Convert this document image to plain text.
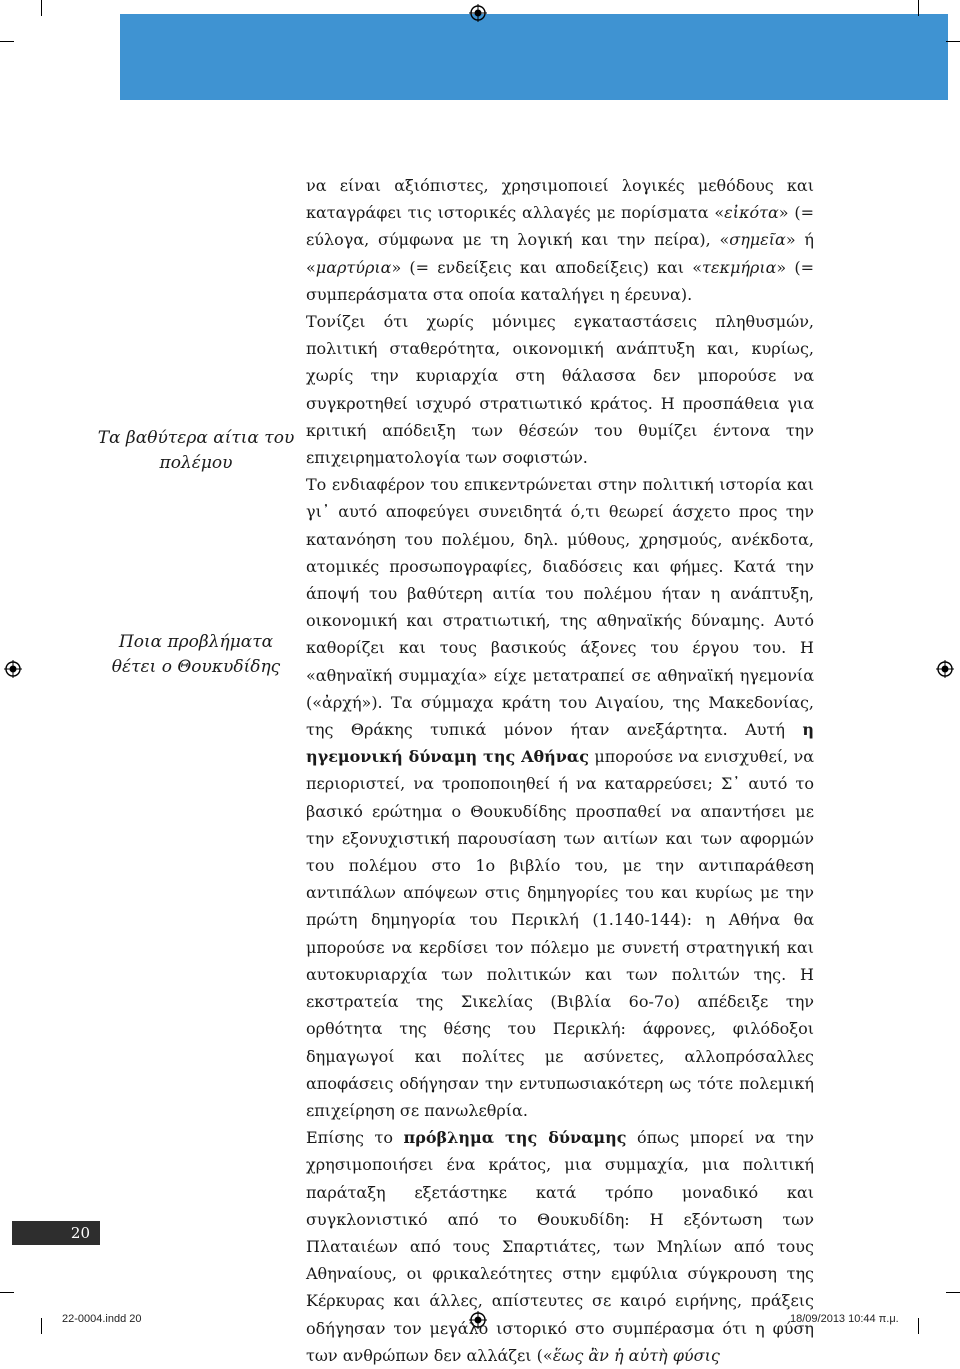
Τα βαθύτερα αίτια του πολέμου
Ποια προβλήματα θέτει ο Θουκυδίδης

να είναι αξιόπιστες, χρησιμοποιεί λογικές μεθόδους και καταγράφει τις ιστορικές αλλαγές με πορίσματα «εἰκότα» (= εύλογα, σύμφωνα με τη λογική και την πείρα), «σημεῖα» ή «μαρτύρια» (= ενδείξεις και αποδείξεις) και «τεκμήρια» (= συμπεράσματα στα οποία καταλήγει η έρευνα).

Τονίζει ότι χωρίς μόνιμες εγκαταστάσεις πληθυσμών, πολιτική σταθερότητα, οικονομική ανάπτυξη και, κυρίως, χωρίς την κυριαρχία στη θάλασσα δεν μπορούσε να συγκροτηθεί ισχυρό στρατιωτικό κράτος. Η προσπάθεια για κριτική απόδειξη των θέσεών του θυμίζει έντονα την επιχειρηματολογία των σοφιστών.

Το ενδιαφέρον του επικεντρώνεται στην πολιτική ιστορία και γι᾽ αυτό αποφεύγει συνειδητά ό,τι θεωρεί άσχετο προς την κατανόηση του πολέμου, δηλ. μύθους, χρησμούς, ανέκδοτα, ατομικές προσωπογραφίες, διαδόσεις και φήμες. Κατά την άποψή του βαθύτερη αιτία του πολέμου ήταν η ανάπτυξη, οικονομική και στρατιωτική, της αθηναϊκής δύναμης. Αυτό καθορίζει και τους βασικούς άξονες του έργου του. Η «αθηναϊκή συμμαχία» είχε μετατραπεί σε αθηναϊκή ηγεμονία («ἀρχή»). Τα σύμμαχα κράτη του Αιγαίου, της Μακεδονίας, της Θράκης τυπικά μόνον ήταν ανεξάρτητα. Αυτή η ηγεμονική δύναμη της Αθήνας μπορούσε να ενισχυθεί, να περιοριστεί, να τροποποιηθεί ή να καταρρεύσει; Σ᾽ αυτό το βασικό ερώτημα ο Θουκυδίδης προσπαθεί να απαντήσει με την εξονυχιστική παρουσίαση των αιτίων και των αφορμών του πολέμου στο 1ο βιβλίο του, με την αντιπαράθεση αντιπάλων απόψεων στις δημηγορίες του και κυρίως με την πρώτη δημηγορία του Περικλή (1.140-144): η Αθήνα θα μπορούσε να κερδίσει τον πόλεμο με συνετή στρατηγική και αυτοκυριαρχία των πολιτικών και των πολιτών της. Η εκστρατεία της Σικελίας (Βιβλία 6ο-7ο) απέδειξε την ορθότητα της θέσης του Περικλή: άφρονες, φιλόδοξοι δημαγωγοί και πολίτες με ασύνετες, αλλοπρόσαλλες αποφάσεις οδήγησαν την εντυπωσιακότερη ως τότε πολεμική επιχείρηση σε πανωλεθρία.

Επίσης το πρόβλημα της δύναμης όπως μπορεί να την χρησιμοποιήσει ένα κράτος, μια συμμαχία, μια πολιτική παράταξη εξετάστηκε κατά τρόπο μοναδικό και συγκλονιστικό από το Θουκυδίδη: Η εξόντωση των Πλαταιέων από τους Σπαρτιάτες, των Μηλίων από τους Αθηναίους, οι φρικαλεότητες στην εμφύλια σύγκρουση της Κέρκυρας και άλλες, απίστευτες σε καιρό ειρήνης, πράξεις οδήγησαν τον μεγάλο ιστορικό στο συμπέρασμα ότι η φύση των ανθρώπων δεν αλλάζει («ἕως ἂν ἡ αὐτὴ φύσις

20
22-0004.indd 20	18/09/2013 10:44 π.μ.
